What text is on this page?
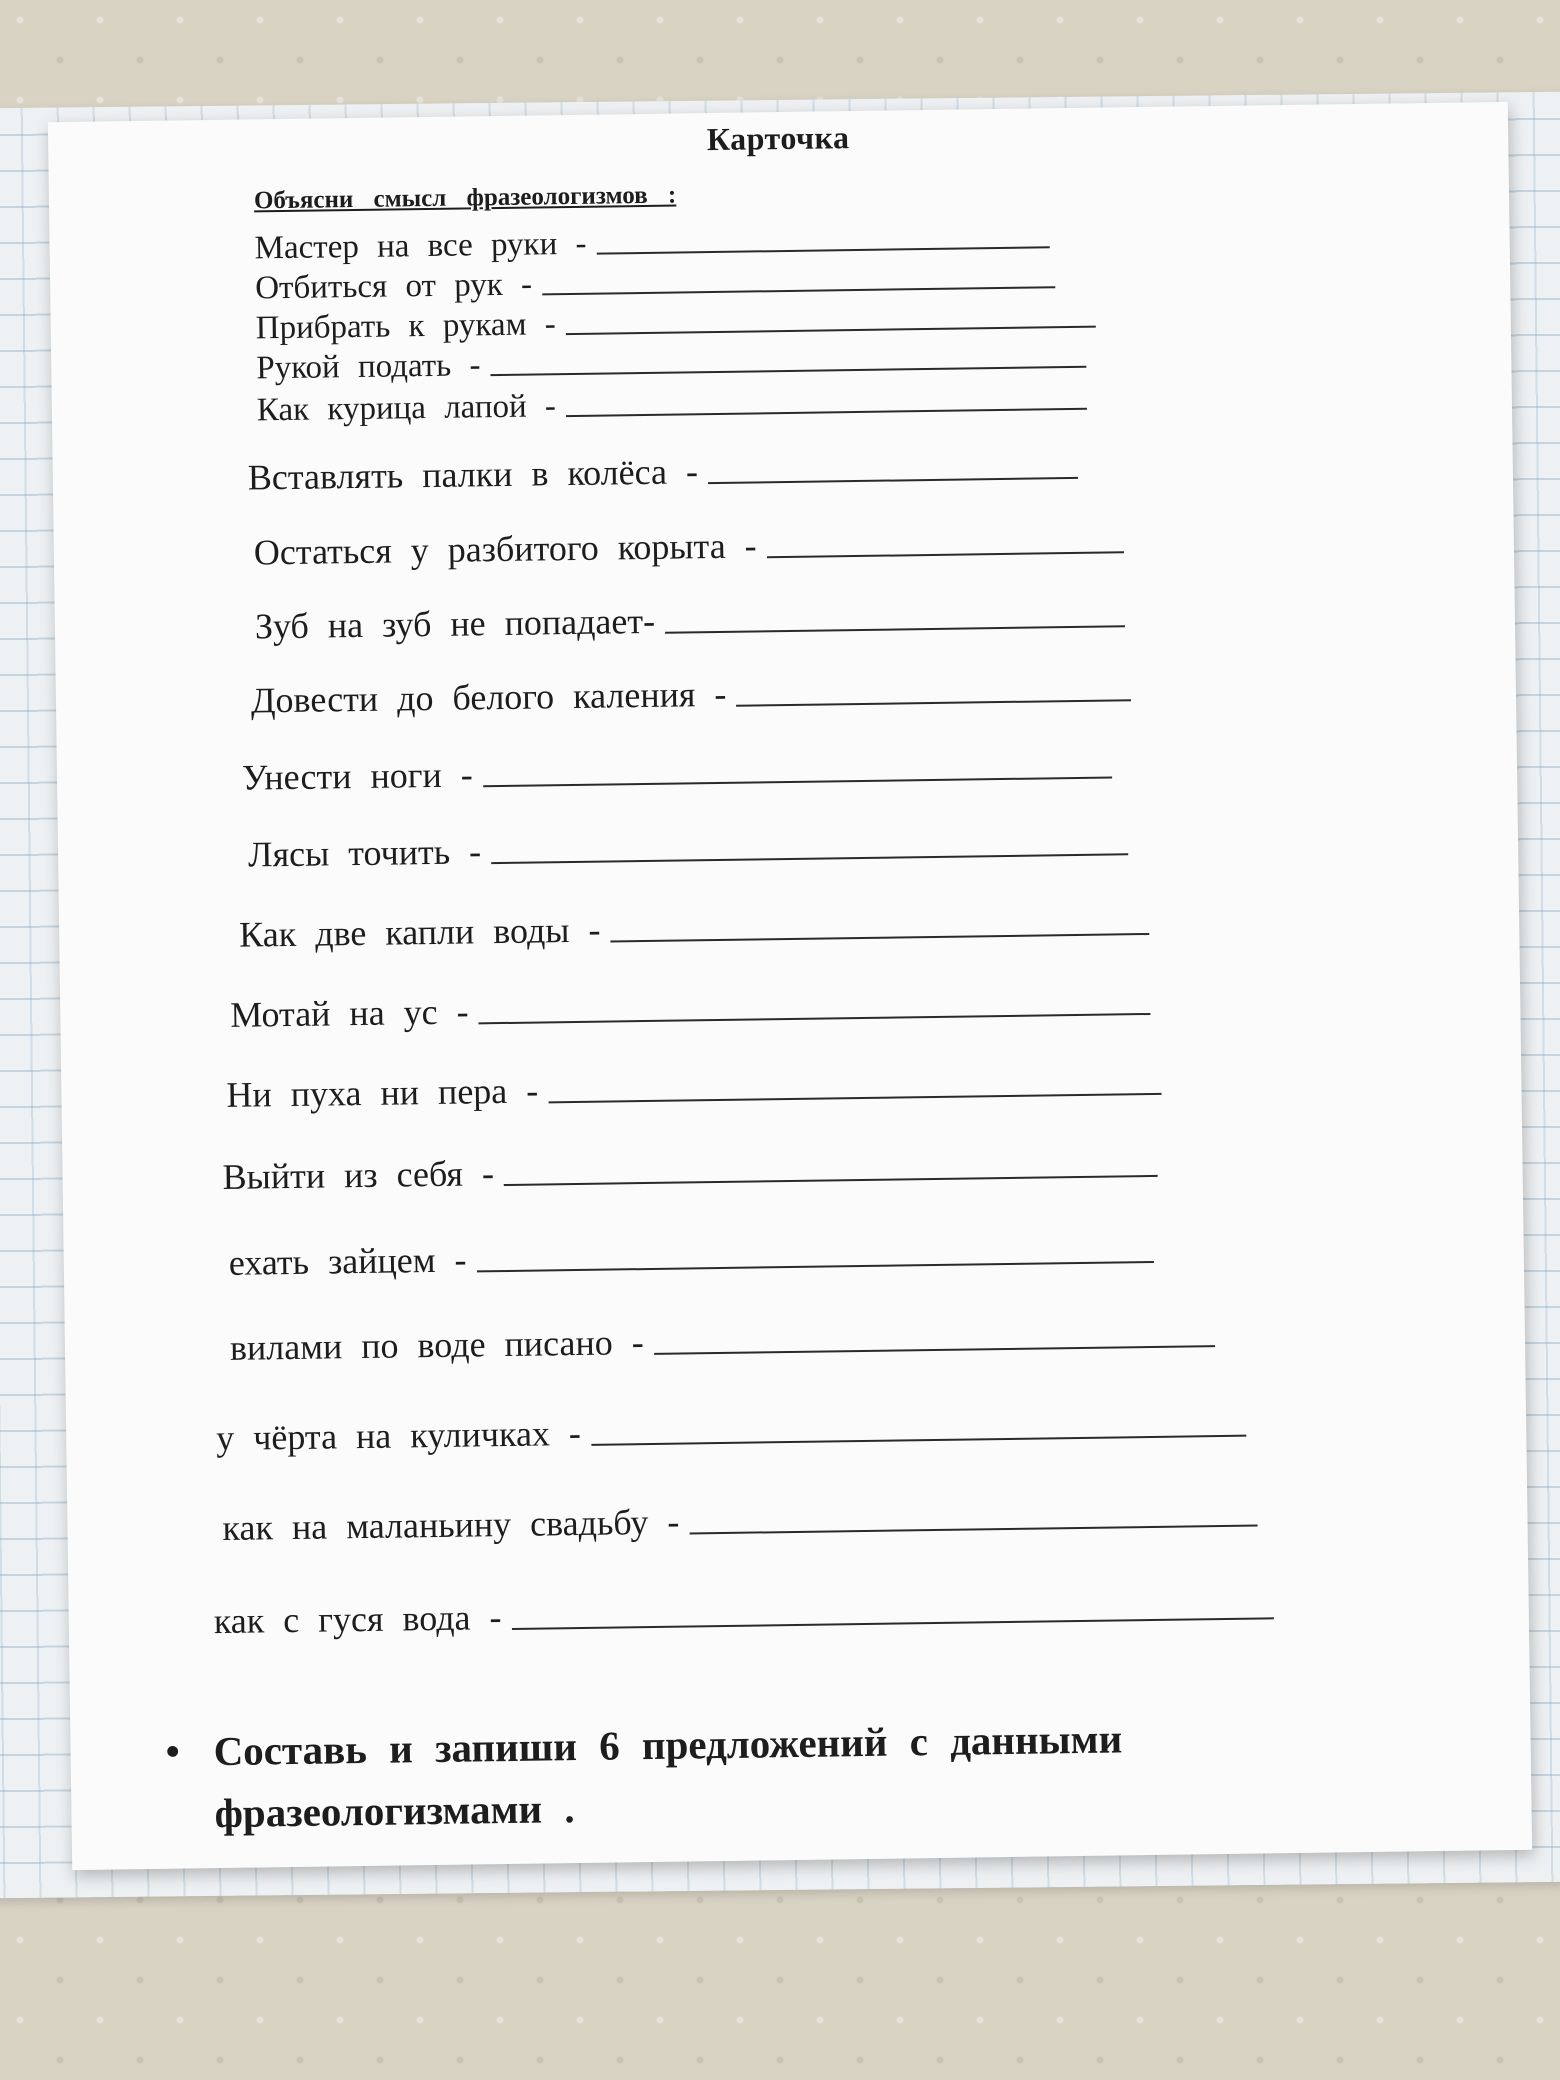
Карточка
Объясни смысл фразеологизмов :
Мастер на все руки -
Отбиться от рук -
Прибрать к рукам -
Рукой подать -
Как курица лапой -
Вставлять палки в колёса -
Остаться у разбитого корыта -
Зуб на зуб не попадает-
Довести до белого каления -
Унести ноги -
Лясы точить -
Как две капли воды -
Мотай на ус -
Ни пуха ни пера -
Выйти из себя -
ехать зайцем -
вилами по воде писано -
у чёрта на куличках -
как на маланьину свадьбу -
как с гуся вода -
• Составь и запиши 6 предложений с данными фразеологизмами .
